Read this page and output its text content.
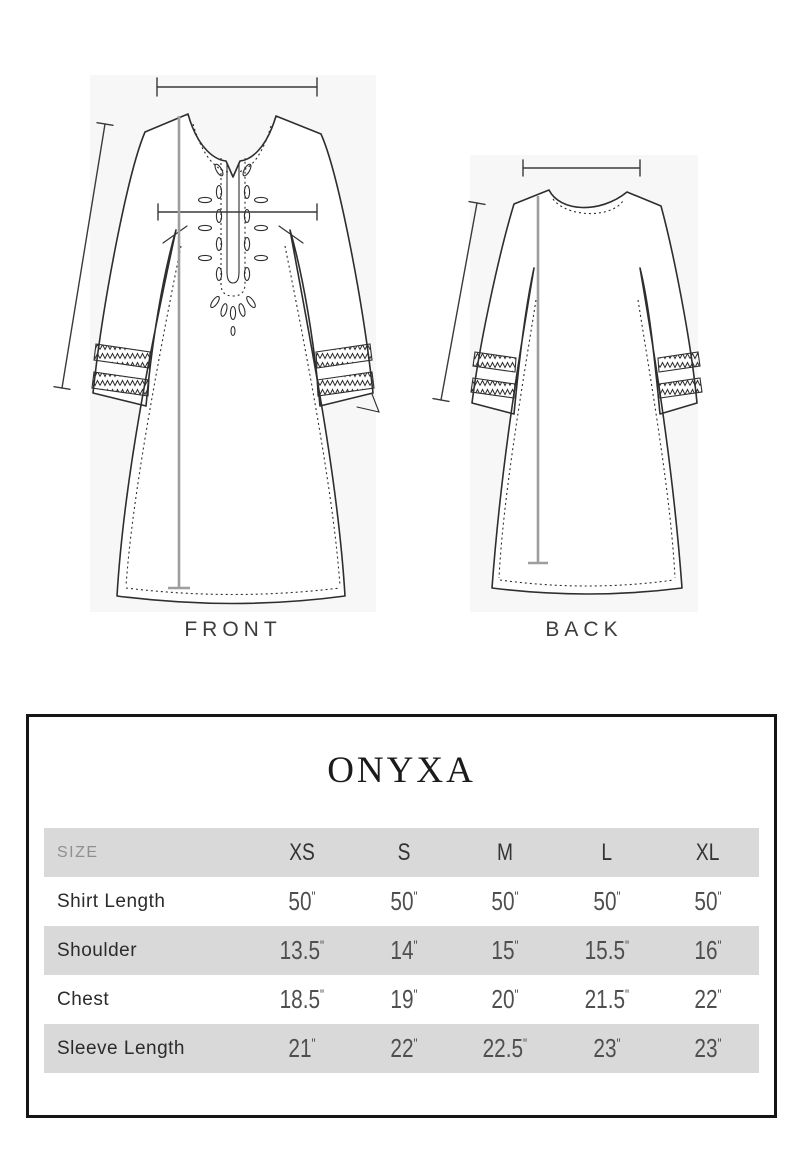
FRONT	BACK
ONYXA
SIZE	XS	S	M	L	XL
Shirt Length	50"	50"	50"	50"	50"
Shoulder	13.5"	14"	15"	15.5"	16"
Chest	18.5"	19"	20"	21.5"	22"
Sleeve Length	21"	22"	22.5"	23"	23"
